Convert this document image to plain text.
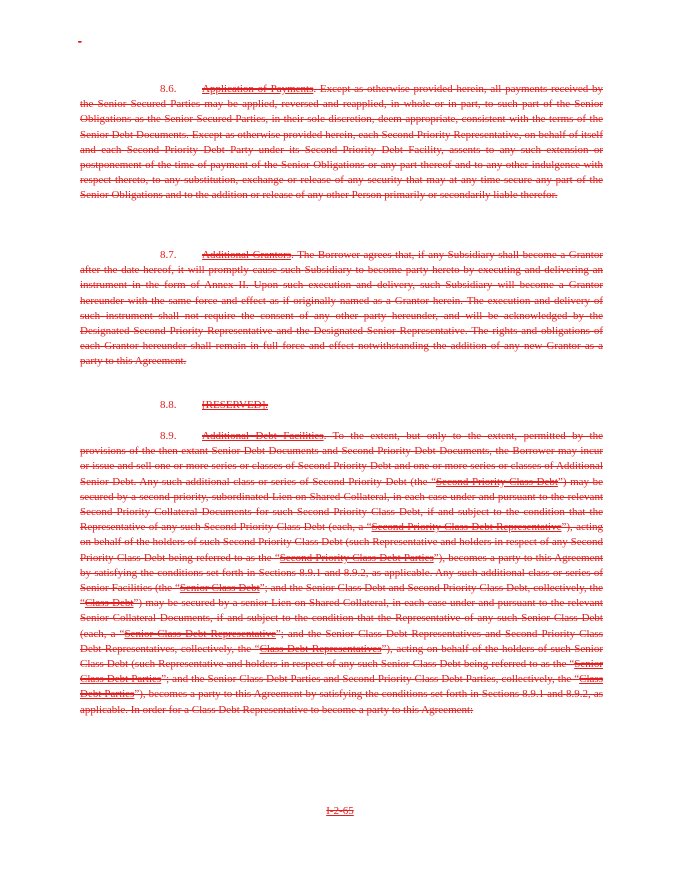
-

8.6. Application of Payments. Except as otherwise provided herein, all payments received by the Senior Secured Parties may be applied, reversed and reapplied, in whole or in part, to such part of the Senior Obligations as the Senior Secured Parties, in their sole discretion, deem appropriate, consistent with the terms of the Senior Debt Documents. Except as otherwise provided herein, each Second Priority Representative, on behalf of itself and each Second Priority Debt Party under its Second Priority Debt Facility, assents to any such extension or postponement of the time of payment of the Senior Obligations or any part thereof and to any other indulgence with respect thereto, to any substitution, exchange or release of any security that may at any time secure any part of the Senior Obligations and to the addition or release of any other Person primarily or secondarily liable therefor.

8.7. Additional Grantors. The Borrower agrees that, if any Subsidiary shall become a Grantor after the date hereof, it will promptly cause such Subsidiary to become party hereto by executing and delivering an instrument in the form of Annex II. Upon such execution and delivery, such Subsidiary will become a Grantor hereunder with the same force and effect as if originally named as a Grantor herein. The execution and delivery of such instrument shall not require the consent of any other party hereunder, and will be acknowledged by the Designated Second Priority Representative and the Designated Senior Representative. The rights and obligations of each Grantor hereunder shall remain in full force and effect notwithstanding the addition of any new Grantor as a party to this Agreement.

8.8. [RESERVED].

8.9. Additional Debt Facilities. To the extent, but only to the extent, permitted by the provisions of the then extant Senior Debt Documents and Second Priority Debt Documents, the Borrower may incur or issue and sell one or more series or classes of Second Priority Debt and one or more series or classes of Additional Senior Debt. Any such additional class or series of Second Priority Debt (the “Second Priority Class Debt”) may be secured by a second-priority, subordinated Lien on Shared Collateral, in each case under and pursuant to the relevant Second Priority Collateral Documents for such Second Priority Class Debt, if and subject to the condition that the Representative of any such Second Priority Class Debt (each, a “Second Priority Class Debt Representative”), acting on behalf of the holders of such Second Priority Class Debt (such Representative and holders in respect of any Second Priority Class Debt being referred to as the “Second Priority Class Debt Parties”), becomes a party to this Agreement by satisfying the conditions set forth in Sections 8.9.1 and 8.9.2, as applicable. Any such additional class or series of Senior Facilities (the “Senior Class Debt”; and the Senior Class Debt and Second Priority Class Debt, collectively, the “Class Debt”) may be secured by a senior Lien on Shared Collateral, in each case under and pursuant to the relevant Senior Collateral Documents, if and subject to the condition that the Representative of any such Senior Class Debt (each, a “Senior Class Debt Representative”; and the Senior Class Debt Representatives and Second Priority Class Debt Representatives, collectively, the “Class Debt Representatives”), acting on behalf of the holders of such Senior Class Debt (such Representative and holders in respect of any such Senior Class Debt being referred to as the “Senior Class Debt Parties”; and the Senior Class Debt Parties and Second Priority Class Debt Parties, collectively, the “Class Debt Parties”), becomes a party to this Agreement by satisfying the conditions set forth in Sections 8.9.1 and 8.9.2, as applicable. In order for a Class Debt Representative to become a party to this Agreement:

I-2-65
